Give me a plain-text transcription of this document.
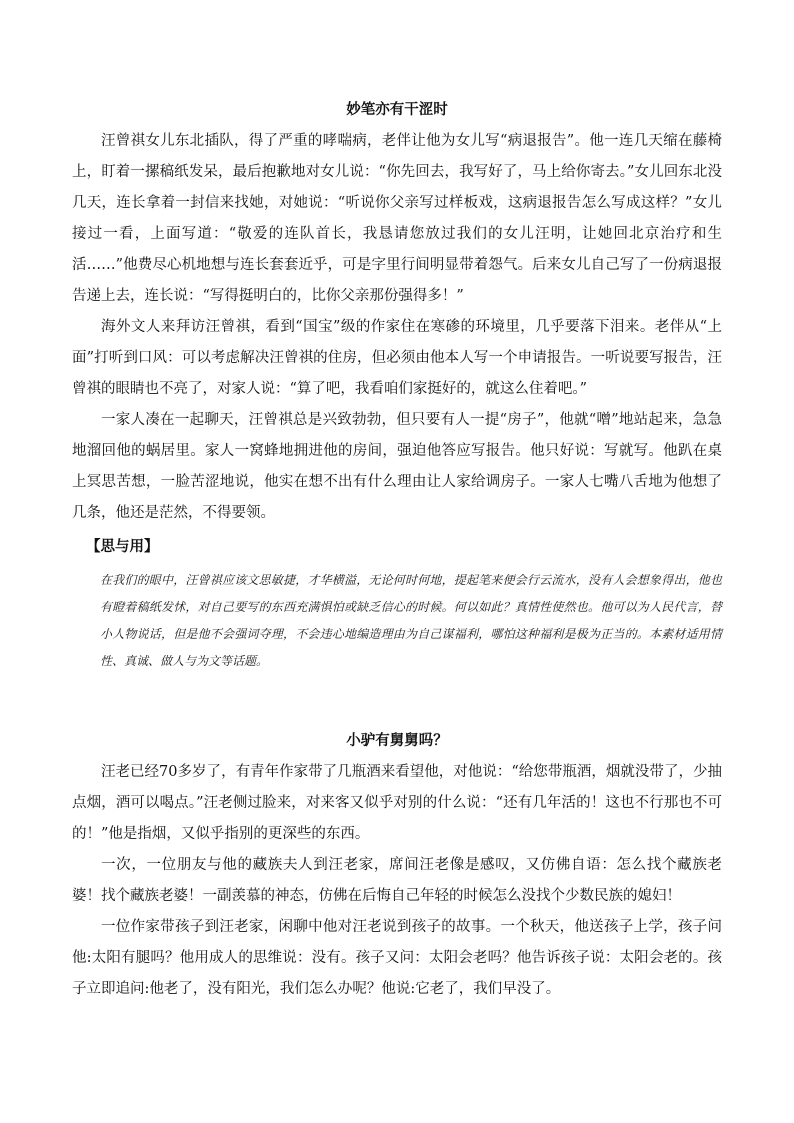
妙笔亦有干涩时

汪曾祺女儿东北插队，得了严重的哮喘病，老伴让他为女儿写“病退报告”。他一连几天缩在藤椅上，盯着一摞稿纸发呆，最后抱歉地对女儿说：“你先回去，我写好了，马上给你寄去。”女儿回东北没几天，连长拿着一封信来找她，对她说：“听说你父亲写过样板戏，这病退报告怎么写成这样？”女儿接过一看，上面写道：“敬爱的连队首长，我恳请您放过我们的女儿汪明，让她回北京治疗和生活……”他费尽心机地想与连长套套近乎，可是字里行间明显带着怨气。后来女儿自己写了一份病退报告递上去，连长说：“写得挺明白的，比你父亲那份强得多！”

海外文人来拜访汪曾祺，看到“国宝”级的作家住在寒碜的环境里，几乎要落下泪来。老伴从“上面”打听到口风：可以考虑解决汪曾祺的住房，但必须由他本人写一个申请报告。一听说要写报告，汪曾祺的眼睛也不亮了，对家人说：“算了吧，我看咱们家挺好的，就这么住着吧。”

一家人凑在一起聊天，汪曾祺总是兴致勃勃，但只要有人一提“房子”，他就“噌”地站起来，急急地溜回他的蜗居里。家人一窝蜂地拥进他的房间，强迫他答应写报告。他只好说：写就写。他趴在桌上冥思苦想，一脸苦涩地说，他实在想不出有什么理由让人家给调房子。一家人七嘴八舌地为他想了几条，他还是茫然，不得要领。

【思与用】

在我们的眼中，汪曾祺应该文思敏捷，才华横溢，无论何时何地，提起笔来便会行云流水，没有人会想象得出，他也有瞪着稿纸发怵，对自己要写的东西充满惧怕或缺乏信心的时候。何以如此？真情性使然也。他可以为人民代言，替小人物说话，但是他不会强词夺理，不会违心地编造理由为自己谋福利，哪怕这种福利是极为正当的。本素材适用情性、真诚、做人与为文等话题。

小驴有舅舅吗？

汪老已经70多岁了，有青年作家带了几瓶酒来看望他，对他说：“给您带瓶酒，烟就没带了，少抽点烟，酒可以喝点。”汪老侧过脸来，对来客又似乎对别的什么说：“还有几年活的！这也不行那也不可的！”他是指烟，又似乎指别的更深些的东西。

一次，一位朋友与他的藏族夫人到汪老家，席间汪老像是感叹，又仿佛自语：怎么找个藏族老婆！找个藏族老婆！一副羡慕的神态，仿佛在后悔自己年轻的时候怎么没找个少数民族的媳妇！

一位作家带孩子到汪老家，闲聊中他对汪老说到孩子的故事。一个秋天，他送孩子上学，孩子问他:太阳有腿吗？他用成人的思维说：没有。孩子又问：太阳会老吗？他告诉孩子说：太阳会老的。孩子立即追问:他老了，没有阳光，我们怎么办呢？他说:它老了，我们早没了。
